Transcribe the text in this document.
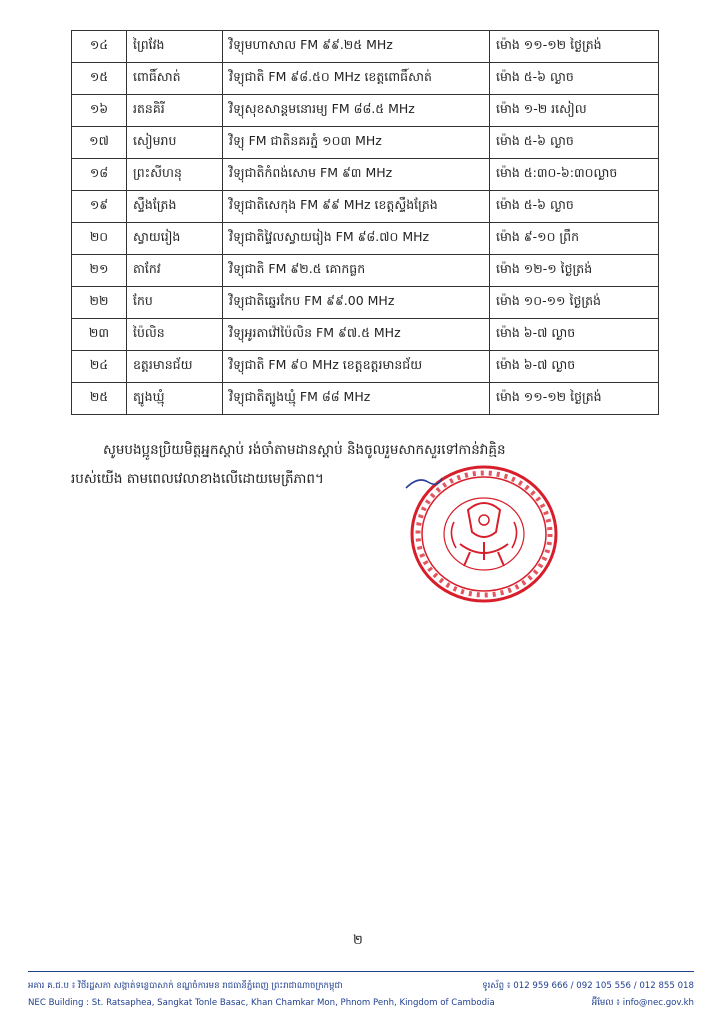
១៤	ព្រៃវែង	វិទ្យុមហាសាល FM ៩៩.២៥ MHz	ម៉ោង ១១-១២ ថ្ងៃត្រង់
១៥	ពោធិ៍សាត់	វិទ្យុជាតិ FM ៩៨.៥០ MHz ខេត្តពោធិ៍សាត់	ម៉ោង ៥-៦ ល្ងាច
១៦	រតនគិរី	វិទ្យុសុខសាន្តមនោរម្យ FM ៨៨.៥ MHz	ម៉ោង ១-២ រសៀល
១៧	សៀមរាប	វិទ្យុ FM ជាតិនគរភ្នំ ១០៣ MHz	ម៉ោង ៥-៦ ល្ងាច
១៨	ព្រះសីហនុ	វិទ្យុជាតិកំពង់សោម FM ៩៣ MHz	ម៉ោង ៥:៣០-៦:៣០ល្ងាច
១៩	ស្ទឹងត្រែង	វិទ្យុជាតិសេកុង FM ៩៩ MHz ខេត្តស្ទឹងត្រែង	ម៉ោង ៥-៦ ល្ងាច
២០	ស្វាយរៀង	វិទ្យុជាតិវៃ្ទលស្វាយរៀង FM ៩៨.៧០ MHz	ម៉ោង ៩-១០ ព្រឹក
២១	តាកែវ	វិទ្យុជាតិ FM ៩២.៥ គោកធ្លក	ម៉ោង ១២-១ ថ្ងៃត្រង់
២២	កែប	វិទ្យុជាតិឆ្នេរកែប FM ៩៩.00 MHz	ម៉ោង ១០-១១ ថ្ងៃត្រង់
២៣	ប៉ៃលិន	វិទ្យុអូរតាវ៉ៅប៉ៃលិន FM ៩៧.៥ MHz	ម៉ោង ៦-៧ ល្ងាច
២៤	ឧត្តរមានជ័យ	វិទ្យុជាតិ FM ៩០ MHz ខេត្តឧត្តរមានជ័យ	ម៉ោង ៦-៧ ល្ងាច
២៥	ត្បូងឃ្មុំ	វិទ្យុជាតិត្បូងឃ្មុំ FM ៨៨ MHz	ម៉ោង ១១-១២ ថ្ងៃត្រង់
សូមបងប្អូនប្រិយមិត្តអ្នកស្តាប់ រង់ចាំតាមដានស្តាប់ និងចូលរួមសាកសួរទៅកាន់វាគ្មិន
របស់យើង តាមពេលវេលាខាងលើដោយមេត្រីភាព។
២
អគារ គ.ជ.ប ៖ វិថីរដ្ឋសភា សង្កាត់ទន្លេបាសាក់ ខណ្ឌចំការមន រាជធានីភ្នំពេញ ព្រះរាជាណាចក្រកម្ពុជា	ទូរស័ព្ទ ៖ 012 959 666 / 092 105 556 / 012 855 018
NEC Building : St. Ratsaphea, Sangkat Tonle Basac, Khan Chamkar Mon, Phnom Penh, Kingdom of Cambodia	អ៊ីមែល ៖ info@nec.gov.kh
